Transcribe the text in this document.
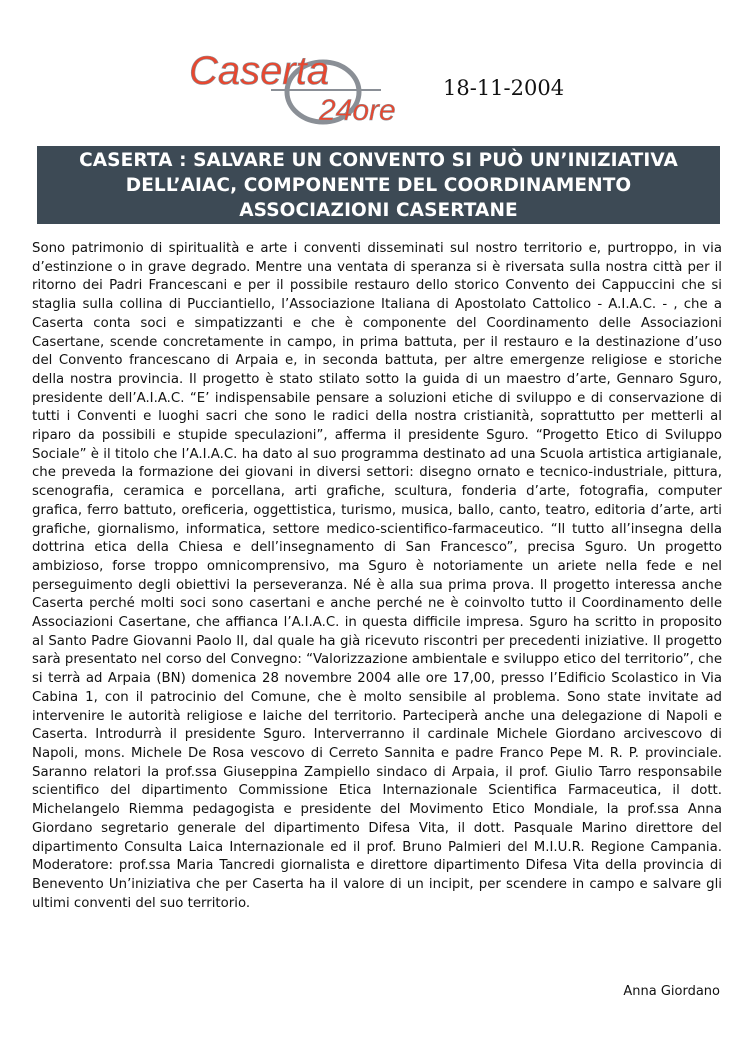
Caserta
24ore
18-11-2004
CASERTA : SALVARE UN CONVENTO SI PUÒ UN’INIZIATIVA
DELL’AIAC, COMPONENTE DEL COORDINAMENTO
ASSOCIAZIONI CASERTANE

Sono patrimonio di spiritualità e arte i conventi disseminati sul nostro territorio e, purtroppo, in via d’estinzione o in grave degrado. Mentre una ventata di speranza si è riversata sulla nostra città per il ritorno dei Padri Francescani e per il possibile restauro dello storico Convento dei Cappuccini che si staglia sulla collina di Pucciantiello, l’Associazione Italiana di Apostolato Cattolico - A.I.A.C. - , che a Caserta conta soci e simpatizzanti e che è componente del Coordinamento delle Associazioni Casertane, scende concretamente in campo, in prima battuta, per il restauro e la destinazione d’uso del Convento francescano di Arpaia e, in seconda battuta, per altre emergenze religiose e storiche della nostra provincia. Il progetto è stato stilato sotto la guida di un maestro d’arte, Gennaro Sguro, presidente dell’A.I.A.C. “E’ indispensabile pensare a soluzioni etiche di sviluppo e di conservazione di tutti i Conventi e luoghi sacri che sono le radici della nostra cristianità, soprattutto per metterli al riparo da possibili e stupide speculazioni”, afferma il presidente Sguro. “Progetto Etico di Sviluppo Sociale” è il titolo che l’A.I.A.C. ha dato al suo programma destinato ad una Scuola artistica artigianale, che preveda la formazione dei giovani in diversi settori: disegno ornato e tecnico-industriale, pittura, scenografia, ceramica e porcellana, arti grafiche, scultura, fonderia d’arte, fotografia, computer grafica, ferro battuto, oreficeria, oggettistica, turismo, musica, ballo, canto, teatro, editoria d’arte, arti grafiche, giornalismo, informatica, settore medico-scientifico-farmaceutico. “Il tutto all’insegna della dottrina etica della Chiesa e dell’insegnamento di San Francesco”, precisa Sguro. Un progetto ambizioso, forse troppo omnicomprensivo, ma Sguro è notoriamente un ariete nella fede e nel perseguimento degli obiettivi la perseveranza. Né è alla sua prima prova. Il progetto interessa anche Caserta perché molti soci sono casertani e anche perché ne è coinvolto tutto il Coordinamento delle Associazioni Casertane, che affianca l’A.I.A.C. in questa difficile impresa. Sguro ha scritto in proposito al Santo Padre Giovanni Paolo II, dal quale ha già ricevuto riscontri per precedenti iniziative. Il progetto sarà presentato nel corso del Convegno: “Valorizzazione ambientale e sviluppo etico del territorio”, che si terrà ad Arpaia (BN) domenica 28 novembre 2004 alle ore 17,00, presso l’Edificio Scolastico in Via Cabina 1, con il patrocinio del Comune, che è molto sensibile al problema. Sono state invitate ad intervenire le autorità religiose e laiche del territorio. Parteciperà anche una delegazione di Napoli e Caserta. Introdurrà il presidente Sguro. Interverranno il cardinale Michele Giordano arcivescovo di Napoli, mons. Michele De Rosa vescovo di Cerreto Sannita e padre Franco Pepe M. R. P. provinciale. Saranno relatori la prof.ssa Giuseppina Zampiello sindaco di Arpaia, il prof. Giulio Tarro responsabile scientifico del dipartimento Commissione Etica Internazionale Scientifica Farmaceutica, il dott. Michelangelo Riemma pedagogista e presidente del Movimento Etico Mondiale, la prof.ssa Anna Giordano segretario generale del dipartimento Difesa Vita, il dott. Pasquale Marino direttore del dipartimento Consulta Laica Internazionale ed il prof. Bruno Palmieri del M.I.U.R. Regione Campania. Moderatore: prof.ssa Maria Tancredi giornalista e direttore dipartimento Difesa Vita della provincia di Benevento Un’iniziativa che per Caserta ha il valore di un incipit, per scendere in campo e salvare gli ultimi conventi del suo territorio.

Anna Giordano
